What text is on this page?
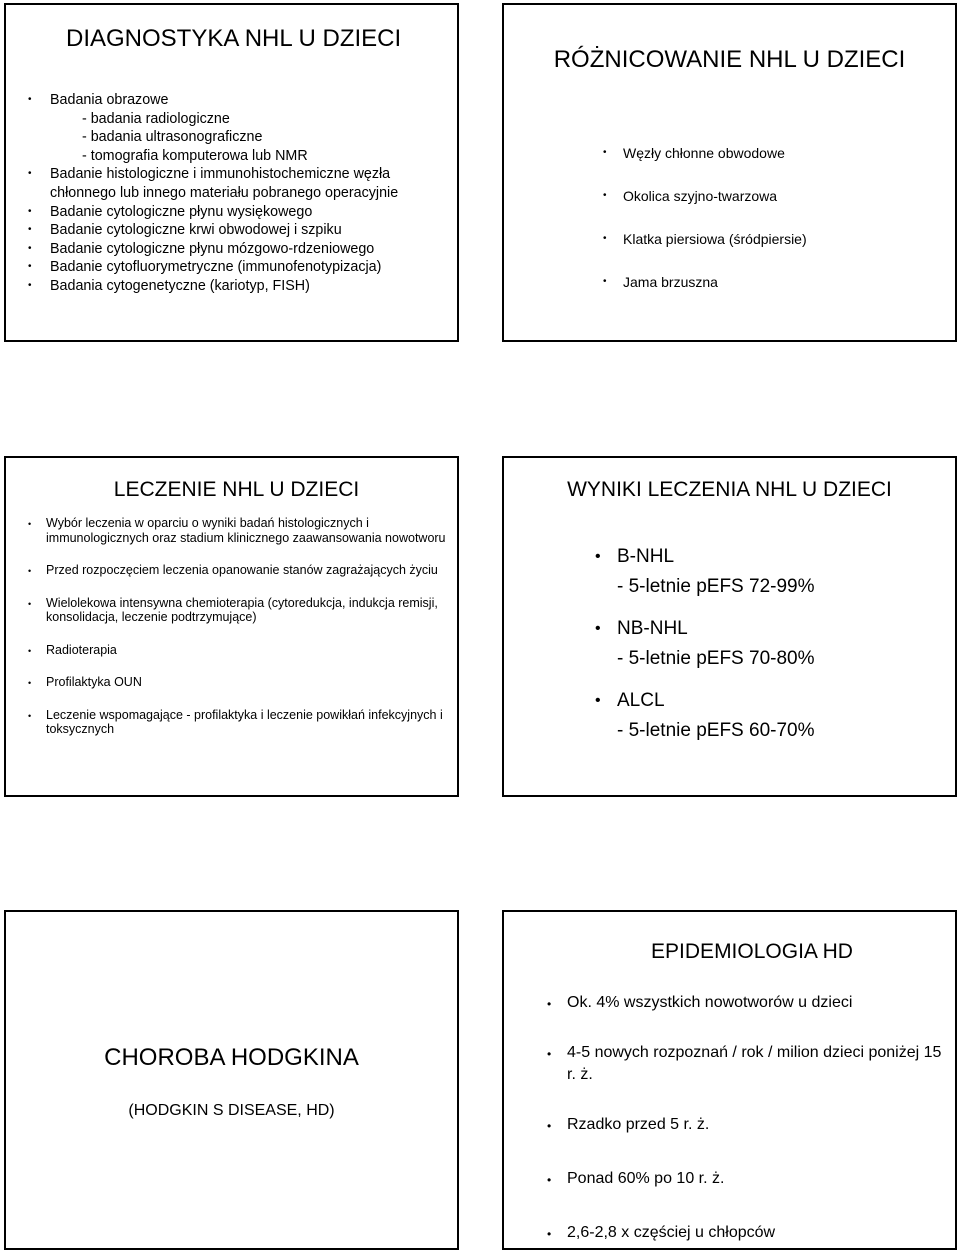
DIAGNOSTYKA NHL U DZIECI
• Badania obrazowe
- badania radiologiczne
- badania ultrasonograficzne
- tomografia komputerowa lub NMR
• Badanie histologiczne i immunohistochemiczne węzła chłonnego lub innego materiału pobranego operacyjnie
• Badanie cytologiczne płynu wysiękowego
• Badanie cytologiczne krwi obwodowej i szpiku
• Badanie cytologiczne płynu mózgowo-rdzeniowego
• Badanie cytofluorymetryczne (immunofenotypizacja)
• Badania cytogenetyczne (kariotyp, FISH)
RÓŻNICOWANIE NHL U DZIECI
• Węzły chłonne obwodowe
• Okolica szyjno-twarzowa
• Klatka piersiowa (śródpiersie)
• Jama brzuszna
LECZENIE NHL U DZIECI
• Wybór leczenia w oparciu o wyniki badań histologicznych i immunologicznych oraz stadium klinicznego zaawansowania nowotworu
• Przed rozpoczęciem leczenia opanowanie stanów zagrażających życiu
• Wielolekowa intensywna chemioterapia (cytoredukcja, indukcja remisji, konsolidacja, leczenie podtrzymujące)
• Radioterapia
• Profilaktyka OUN
• Leczenie wspomagające - profilaktyka i leczenie powikłań infekcyjnych i toksycznych
WYNIKI LECZENIA NHL U DZIECI
• B-NHL
- 5-letnie pEFS 72-99%
• NB-NHL
- 5-letnie pEFS 70-80%
• ALCL
- 5-letnie pEFS 60-70%
CHOROBA HODGKINA
(HODGKIN S DISEASE, HD)
EPIDEMIOLOGIA HD
• Ok. 4% wszystkich nowotworów u dzieci
• 4-5 nowych rozpoznań / rok / milion dzieci poniżej 15 r. ż.
• Rzadko przed 5 r. ż.
• Ponad 60% po 10 r. ż.
• 2,6-2,8 x częściej u chłopców
